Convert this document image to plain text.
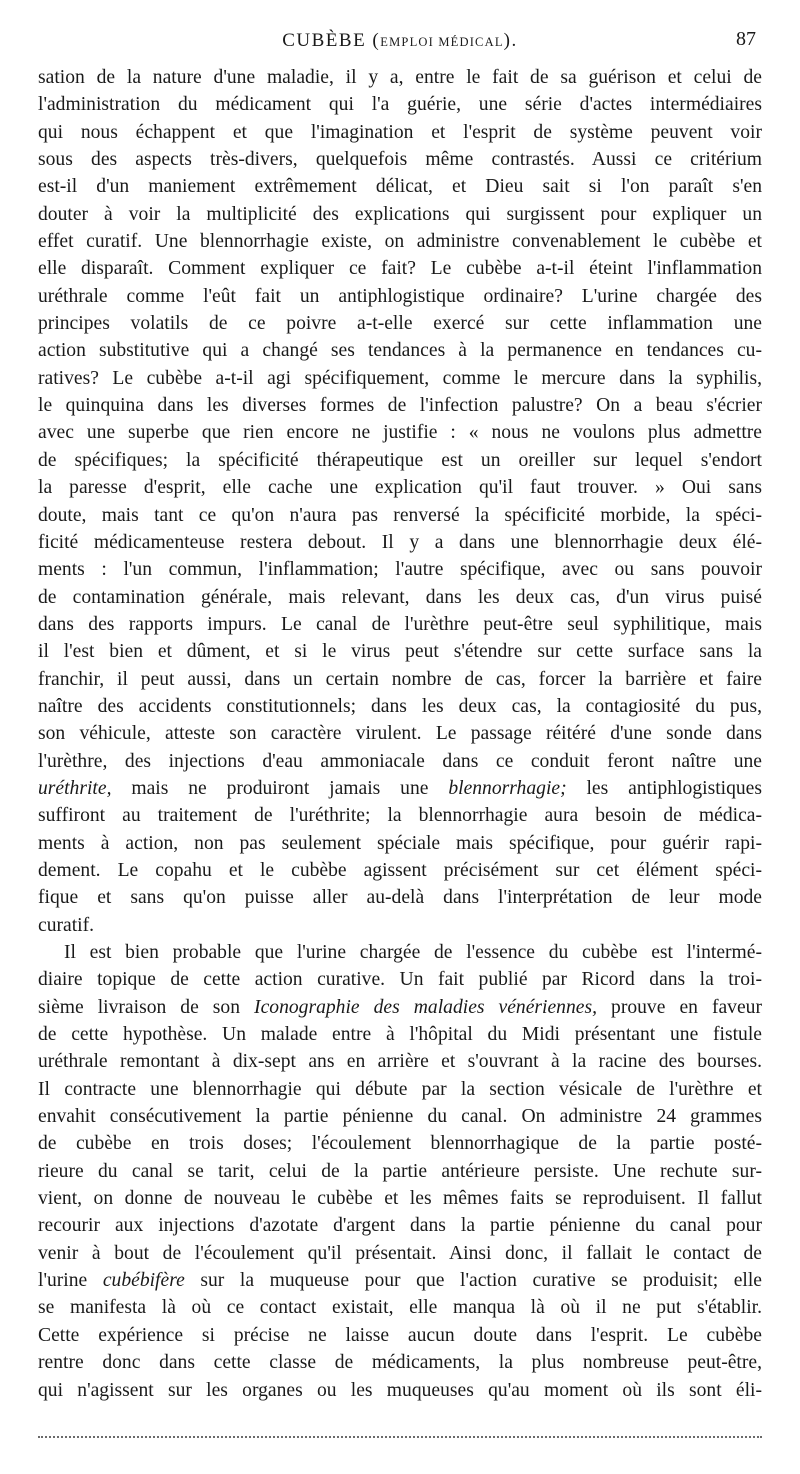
CUBÈBE (EMPLOI MÉDICAL).	87
sation de la nature d'une maladie, il y a, entre le fait de sa guérison et celui de
l'administration du médicament qui l'a guérie, une série d'actes intermédiaires
qui nous échappent et que l'imagination et l'esprit de système peuvent voir
sous des aspects très-divers, quelquefois même contrastés. Aussi ce critérium
est-il d'un maniement extrêmement délicat, et Dieu sait si l'on paraît s'en
douter à voir la multiplicité des explications qui surgissent pour expliquer un
effet curatif. Une blennorrhagie existe, on administre convenablement le cubèbe et
elle disparaît. Comment expliquer ce fait? Le cubèbe a-t-il éteint l'inflammation
uréthrale comme l'eût fait un antiphlogistique ordinaire? L'urine chargée des
principes volatils de ce poivre a-t-elle exercé sur cette inflammation une
action substitutive qui a changé ses tendances à la permanence en tendances cu-
ratives? Le cubèbe a-t-il agi spécifiquement, comme le mercure dans la syphilis,
le quinquina dans les diverses formes de l'infection palustre? On a beau s'écrier
avec une superbe que rien encore ne justifie : « nous ne voulons plus admettre
de spécifiques; la spécificité thérapeutique est un oreiller sur lequel s'endort
la paresse d'esprit, elle cache une explication qu'il faut trouver. » Oui sans
doute, mais tant ce qu'on n'aura pas renversé la spécificité morbide, la spéci-
ficité médicamenteuse restera debout. Il y a dans une blennorrhagie deux élé-
ments : l'un commun, l'inflammation; l'autre spécifique, avec ou sans pouvoir
de contamination générale, mais relevant, dans les deux cas, d'un virus puisé
dans des rapports impurs. Le canal de l'urèthre peut-être seul syphilitique, mais
il l'est bien et dûment, et si le virus peut s'étendre sur cette surface sans la
franchir, il peut aussi, dans un certain nombre de cas, forcer la barrière et faire
naître des accidents constitutionnels; dans les deux cas, la contagiosité du pus,
son véhicule, atteste son caractère virulent. Le passage réitéré d'une sonde dans
l'urèthre, des injections d'eau ammoniacale dans ce conduit feront naître une
uréthrite, mais ne produiront jamais une blennorrhagie; les antiphlogistiques
suffiront au traitement de l'uréthrite; la blennorrhagie aura besoin de médica-
ments à action, non pas seulement spéciale mais spécifique, pour guérir rapi-
dement. Le copahu et le cubèbe agissent précisément sur cet élément spéci-
fique et sans qu'on puisse aller au-delà dans l'interprétation de leur mode
curatif.
Il est bien probable que l'urine chargée de l'essence du cubèbe est l'intermé-
diaire topique de cette action curative. Un fait publié par Ricord dans la troi-
sième livraison de son Iconographie des maladies vénériennes, prouve en faveur
de cette hypothèse. Un malade entre à l'hôpital du Midi présentant une fistule
uréthrale remontant à dix-sept ans en arrière et s'ouvrant à la racine des bourses.
Il contracte une blennorrhagie qui débute par la section vésicale de l'urèthre et
envahit consécutivement la partie pénienne du canal. On administre 24 grammes
de cubèbe en trois doses; l'écoulement blennorrhagique de la partie posté-
rieure du canal se tarit, celui de la partie antérieure persiste. Une rechute sur-
vient, on donne de nouveau le cubèbe et les mêmes faits se reproduisent. Il fallut
recourir aux injections d'azotate d'argent dans la partie pénienne du canal pour
venir à bout de l'écoulement qu'il présentait. Ainsi donc, il fallait le contact de
l'urine cubébifère sur la muqueuse pour que l'action curative se produisit; elle
se manifesta là où ce contact existait, elle manqua là où il ne put s'établir.
Cette expérience si précise ne laisse aucun doute dans l'esprit. Le cubèbe
rentre donc dans cette classe de médicaments, la plus nombreuse peut-être,
qui n'agissent sur les organes ou les muqueuses qu'au moment où ils sont éli-
